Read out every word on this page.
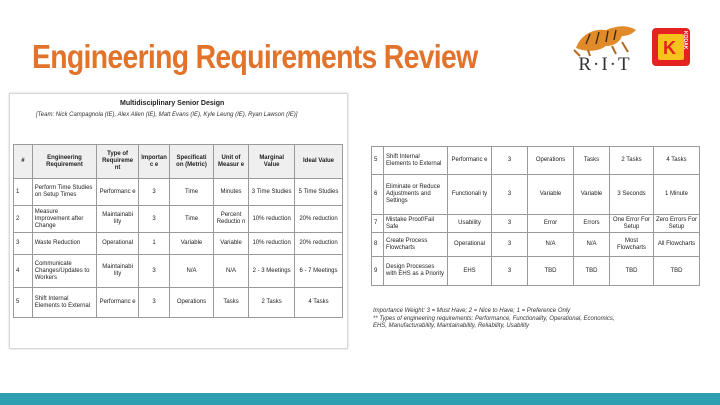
Engineering Requirements Review	R·I·T
K KODAK
Multidisciplinary Senior Design
[Team: Nick Campagnola (IE), Alex Allen (IE), Matt Evans (IE), Kyle Leung (IE), Ryan Lawson (IE)]
#	Engineering Requirement	Type of Requireme nt	Importanc e	Specificati on (Metric)	Unit of Measur e	Marginal Value	Ideal Value
1	Perform Time Studies on Setup Times	Performanc e	3	Time	Minutes	3 Time Studies	5 Time Studies
2	Measure Improvement after Change	Maintainabi lity	3	Time	Percent Reductio n	10% reduction	20% reduction
3	Waste Reduction	Operational	1	Variable	Variable	10% reduction	20% reduction
4	Communicate Changes/Updates to Workers	Maintainabi lity	3	N/A	N/A	2 - 3 Meetings	6 - 7 Meetings
5	Shift Internal Elements to External	Performanc e	3	Operations	Tasks	2 Tasks	4 Tasks
5	Shift Internal Elements to External	Performanc e	3	Operations	Tasks	2 Tasks	4 Tasks
6	Eliminate or Reduce Adjustments and Settings	Functionali ty	3	Variable	Variable	3 Seconds	1 Minute
7	Mistake Proof/Fail Safe	Usability	3	Error	Errors	One Error For Setup	Zero Errors For Setup
8	Create Process Flowcharts	Operational	3	N/A	N/A	Most Flowcharts	All Flowcharts
9	Design Processes with EHS as a Priority	EHS	3	TBD	TBD	TBD	TBD
Importance Weight: 3 = Must Have; 2 = Nice to Have; 1 = Preference Only
** Types of engineering requirements: Performance, Functionality, Operational, Economics,
EHS, Manufacturability, Maintainability, Reliability, Usability
